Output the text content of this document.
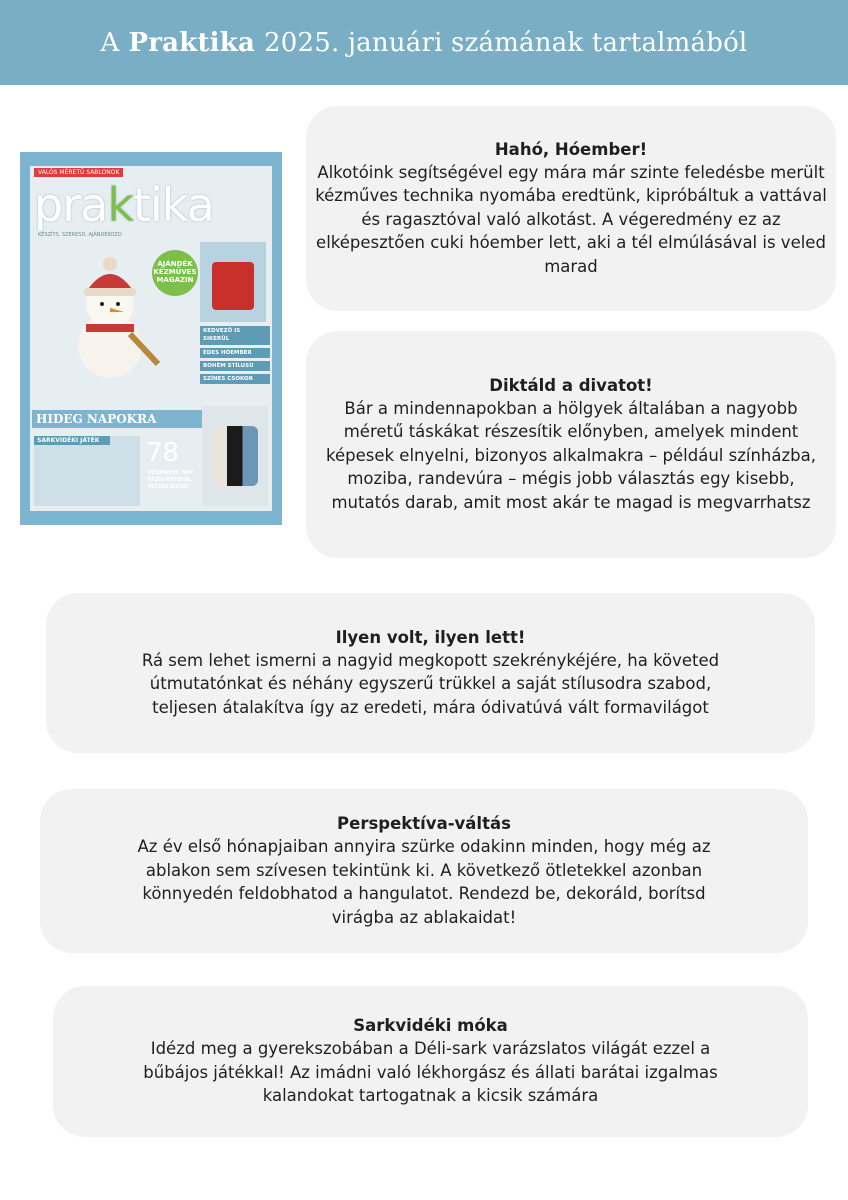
A Praktika 2025. januári számának tartalmából
VALÓS MÉRETŰ SABLONOK
praktika
KÉSZÍTS, SZERESD, AJÁNDÉKOZD
AJÁNDÉK KÉZMŰVES MAGAZIN
KEDVEZŐ IS SIKERÜL
ÉDES HÓEMBER
BOHÉM STÍLUSÚ
SZÍNES CSOKOR
HIDEG NAPOKRA
SARKVIDÉKI JÁTÉK	78
KÉZMŰVES TIPP FÁZIS-FOTÓVAL BIZTOS SIKER!
Hahó, Hóember!
Alkotóink segítségével egy mára már szinte feledésbe merült kézműves technika nyomába eredtünk, kipróbáltuk a vattával és ragasztóval való alkotást. A végeredmény ez az elképesztően cuki hóember lett, aki a tél elmúlásával is veled marad
Diktáld a divatot!
Bár a mindennapokban a hölgyek általában a nagyobb méretű táskákat részesítik előnyben, amelyek mindent képesek elnyelni, bizonyos alkalmakra – például színházba, moziba, randevúra – mégis jobb választás egy kisebb, mutatós darab, amit most akár te magad is megvarrhatsz
Ilyen volt, ilyen lett!
Rá sem lehet ismerni a nagyid megkopott szekrénykéjére, ha követed útmutatónkat és néhány egyszerű trükkel a saját stílusodra szabod, teljesen átalakítva így az eredeti, mára ódivatúvá vált formavilágot
Perspektíva-váltás
Az év első hónapjaiban annyira szürke odakinn minden, hogy még az ablakon sem szívesen tekintünk ki. A következő ötletekkel azonban könnyedén feldobhatod a hangulatot. Rendezd be, dekoráld, borítsd virágba az ablakaidat!
Sarkvidéki móka
Idézd meg a gyerekszobában a Déli-sark varázslatos világát ezzel a bűbájos játékkal! Az imádni való lékhorgász és állati barátai izgalmas kalandokat tartogatnak a kicsik számára
